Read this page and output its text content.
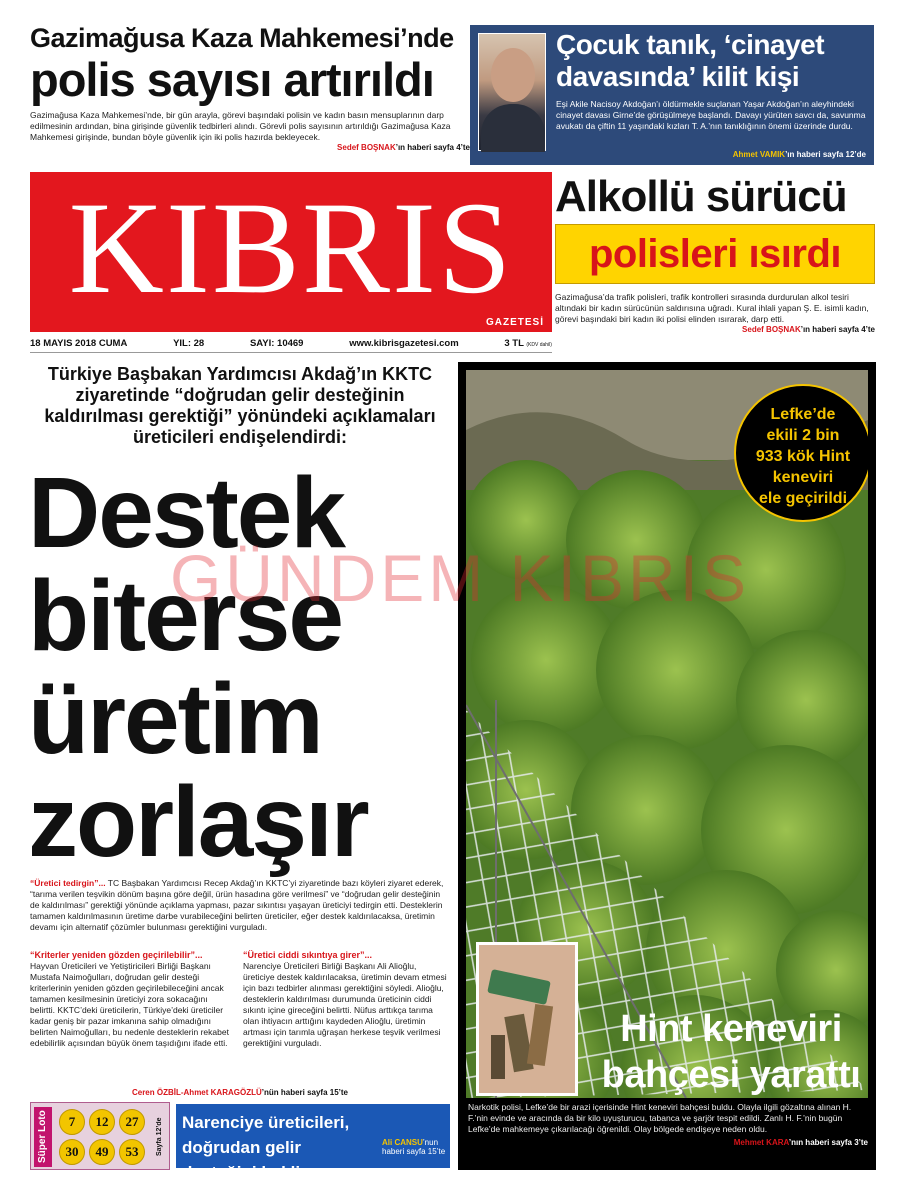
Gazimağusa Kaza Mahkemesi’nde
polis sayısı artırıldı
Gazimağusa Kaza Mahkemesi’nde, bir gün arayla, görevi başındaki polisin ve kadın basın mensuplarının darp edilmesinin ardından, bina girişinde güvenlik tedbirleri alındı. Görevli polis sayısının artırıldığı Gazimağusa Kaza Mahkemesi girişinde, bundan böyle güvenlik için iki polis hazırda bekleyecek.
Sedef BOŞNAK’ın haberi sayfa 4’te
Çocuk tanık, ‘cinayet davasında’ kilit kişi
Eşi Akile Nacisoy Akdoğan’ı öldürmekle suçlanan Yaşar Akdoğan’ın aleyhindeki cinayet davası Girne’de görüşülmeye başlandı. Davayı yürüten savcı da, savunma avukatı da çiftin 11 yaşındaki kızları T. A.’nın tanıklığının önemi üzerinde durdu.
Ahmet VAMIK’ın haberi sayfa 12’de
KIBRIS
GAZETESİ
18 MAYIS 2018 CUMA	YIL: 28	SAYI: 10469	www.kibrisgazetesi.com	3 TL (KDV dahil)
Alkollü sürücü
polisleri ısırdı
Gazimağusa’da trafik polisleri, trafik kontrolleri sırasında durdurulan alkol tesiri altındaki bir kadın sürücünün saldırısına uğradı. Kural ihlali yapan Ş. E. isimli kadın, görevi başındaki biri kadın iki polisi elinden ısırarak, darp etti.
Sedef BOŞNAK’ın haberi sayfa 4’te
Türkiye Başbakan Yardımcısı Akdağ’ın KKTC ziyaretinde “doğrudan gelir desteğinin kaldırılması gerektiği” yönündeki açıklamaları üreticileri endişelendirdi:
Destek
biterse
üretim
zorlaşır
“Üretici tedirgin”... TC Başbakan Yardımcısı Recep Akdağ’ın KKTC’yi ziyaretinde bazı köyleri ziyaret ederek, “tarıma verilen teşvikin dönüm başına göre değil, ürün hasadına göre verilmesi” ve “doğrudan gelir desteğinin de kaldırılması” gerektiği yönünde açıklama yapması, pazar sıkıntısı yaşayan üreticiyi tedirgin etti. Desteklerin tamamen kaldırılmasının üretime darbe vurabileceğini belirten üreticiler, eğer destek kaldırılacaksa, üretimin devamı için alternatif çözümler bulunması gerektiğini vurguladı.
“Kriterler yeniden gözden geçirilebilir”...
Hayvan Üreticileri ve Yetiştiricileri Birliği Başkanı Mustafa Naimoğulları, doğrudan gelir desteği kriterlerinin yeniden gözden geçirilebileceğini ancak tamamen kesilmesinin üreticiyi zora sokacağını belirtti. KKTC’deki üreticilerin, Türkiye’deki üreticiler kadar geniş bir pazar imkanına sahip olmadığını belirten Naimoğulları, bu nedenle desteklerin rekabet edebilirlik açısından büyük önem taşıdığını ifade etti.
“Üretici ciddi sıkıntıya girer”...
Narenciye Üreticileri Birliği Başkanı Ali Alioğlu, üreticiye destek kaldırılacaksa, üretimin devam etmesi için bazı tedbirler alınması gerektiğini söyledi. Alioğlu, desteklerin kaldırılması durumunda üreticinin ciddi sıkıntı içine gireceğini belirtti. Nüfus arttıkça tarıma olan ihtiyacın arttığını kaydeden Alioğlu, üretimin artması için tarımla uğraşan herkese teşvik verilmesi gerektiğini vurguladı.
Ceren ÖZBİL-Ahmet KARAGÖZLÜ’nün haberi sayfa 15’te
Süper Loto	7	12	27
30	49	53	Sayfa 12’de Narenciye üreticileri, doğrudan gelir desteğini bekliyor
Ali CANSU’nun haberi sayfa 15’te
Lefke’de
ekili 2 bin
933 kök Hint
keneviri
ele geçirildi
Hint keneviri bahçesi yarattı
Narkotik polisi, Lefke’de bir arazi içerisinde Hint keneviri bahçesi buldu. Olayla ilgili gözaltına alınan H. F.’nin evinde ve aracında da bir kilo uyuşturucu, tabanca ve şarjör tespit edildi. Zanlı H. F.’nin bugün Lefke’de mahkemeye çıkarılacağı öğrenildi. Olay bölgede endişeye neden oldu.
Mehmet KARA’nın haberi sayfa 3’te
GÜNDEM KIBRIS
